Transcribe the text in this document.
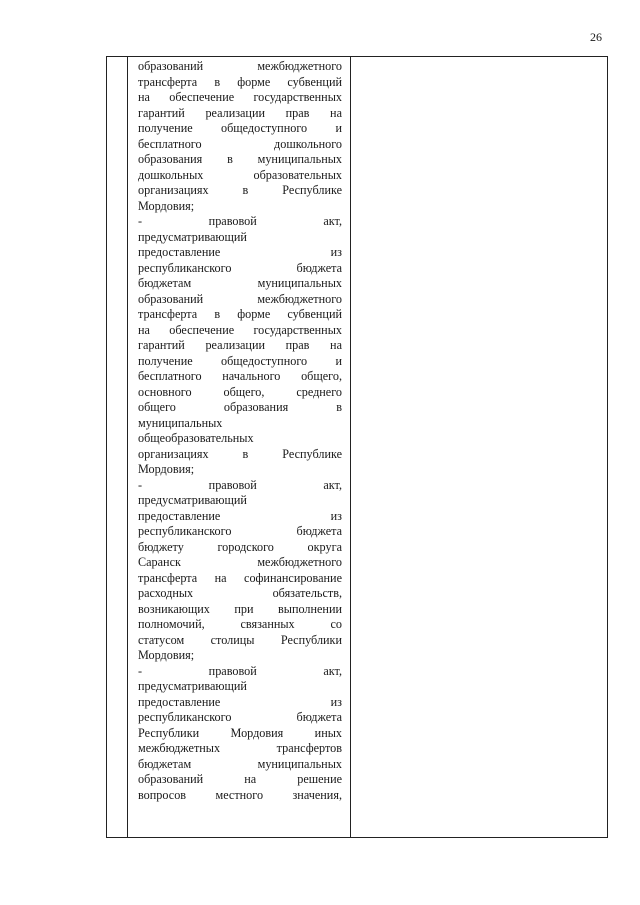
26
образований межбюджетного
трансферта в форме субвенций
на обеспечение государственных
гарантий реализации прав на
получение общедоступного и
бесплатного дошкольного
образования в муниципальных
дошкольных образовательных
организациях в Республике
Мордовия;
- правовой акт,
предусматривающий
предоставление из
республиканского бюджета
бюджетам муниципальных
образований межбюджетного
трансферта в форме субвенций
на обеспечение государственных
гарантий реализации прав на
получение общедоступного и
бесплатного начального общего,
основного общего, среднего
общего образования в
муниципальных
общеобразовательных
организациях в Республике
Мордовия;
- правовой акт,
предусматривающий
предоставление из
республиканского бюджета
бюджету городского округа
Саранск межбюджетного
трансферта на софинансирование
расходных обязательств,
возникающих при выполнении
полномочий, связанных со
статусом столицы Республики
Мордовия;
- правовой акт,
предусматривающий
предоставление из
республиканского бюджета
Республики Мордовия иных
межбюджетных трансфертов
бюджетам муниципальных
образований на решение
вопросов местного значения,
